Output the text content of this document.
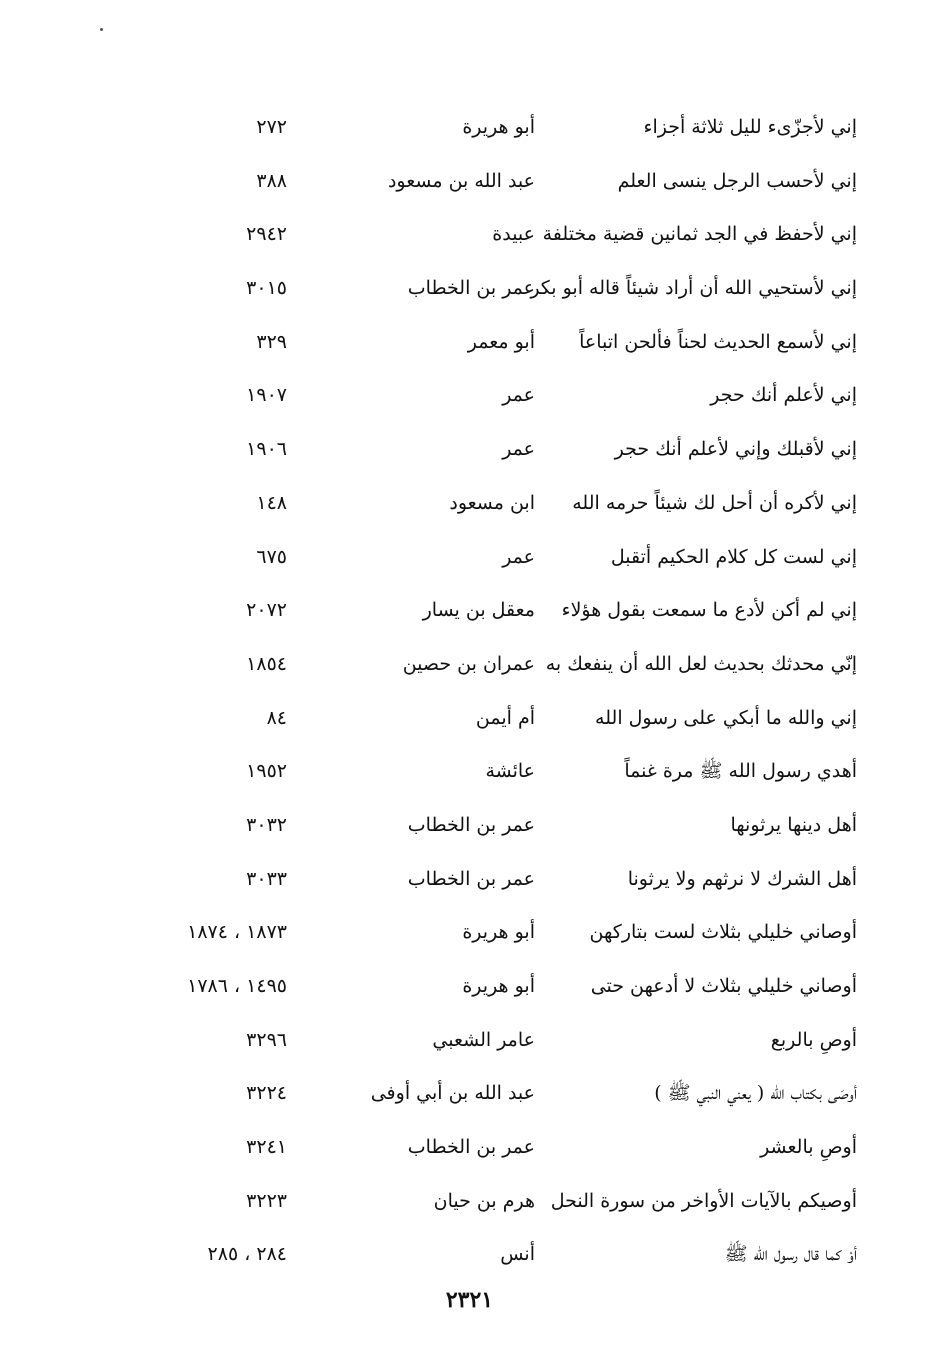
إني لأجزّىء لليل ثلاثة أجزاء
أبو هريرة
٢٧٢
إني لأحسب الرجل ينسى العلم
عبد الله بن مسعود
٣٨٨
إني لأحفظ في الجد ثمانين قضية مختلفة
عبيدة
٢٩٤٢
إني لأستحيي الله أن أراد شيئاً قاله أبو بكر
عمر بن الخطاب
٣٠١٥
إني لأسمع الحديث لحناً فألحن اتباعاً
أبو معمر
٣٢٩
إني لأعلم أنك حجر
عمر
١٩٠٧
إني لأقبلك وإني لأعلم أنك حجر
عمر
١٩٠٦
إني لأكره أن أحل لك شيئاً حرمه الله
ابن مسعود
١٤٨
إني لست كل كلام الحكيم أتقبل
عمر
٦٧٥
إني لم أكن لأدع ما سمعت بقول هؤلاء
معقل بن يسار
٢٠٧٢
إنّي محدثك بحديث لعل الله أن ينفعك به
عمران بن حصين
١٨٥٤
إني والله ما أبكي على رسول الله
أم أيمن
٨٤
أهدي رسول الله ﷺ مرة غنماً
عائشة
١٩٥٢
أهل دينها يرثونها
عمر بن الخطاب
٣٠٣٢
أهل الشرك لا نرثهم ولا يرثونا
عمر بن الخطاب
٣٠٣٣
أوصاني خليلي بثلاث لست بتاركهن
أبو هريرة
١٨٧٣ ، ١٨٧٤
أوصاني خليلي بثلاث لا أدعهن حتى
أبو هريرة
١٤٩٥ ، ١٧٨٦
أوصِ بالربع
عامر الشعبي
٣٢٩٦
أوصَى بكتاب الله ( يعني النبي ﷺ )
عبد الله بن أبي أوفى
٣٢٢٤
أوصِ بالعشر
عمر بن الخطاب
٣٢٤١
أوصيكم بالآيات الأواخر من سورة النحل
هرم بن حيان
٣٢٢٣
أوْ كما قال رسول الله ﷺ
أنس
٢٨٤ ، ٢٨٥
٢٣٢١
